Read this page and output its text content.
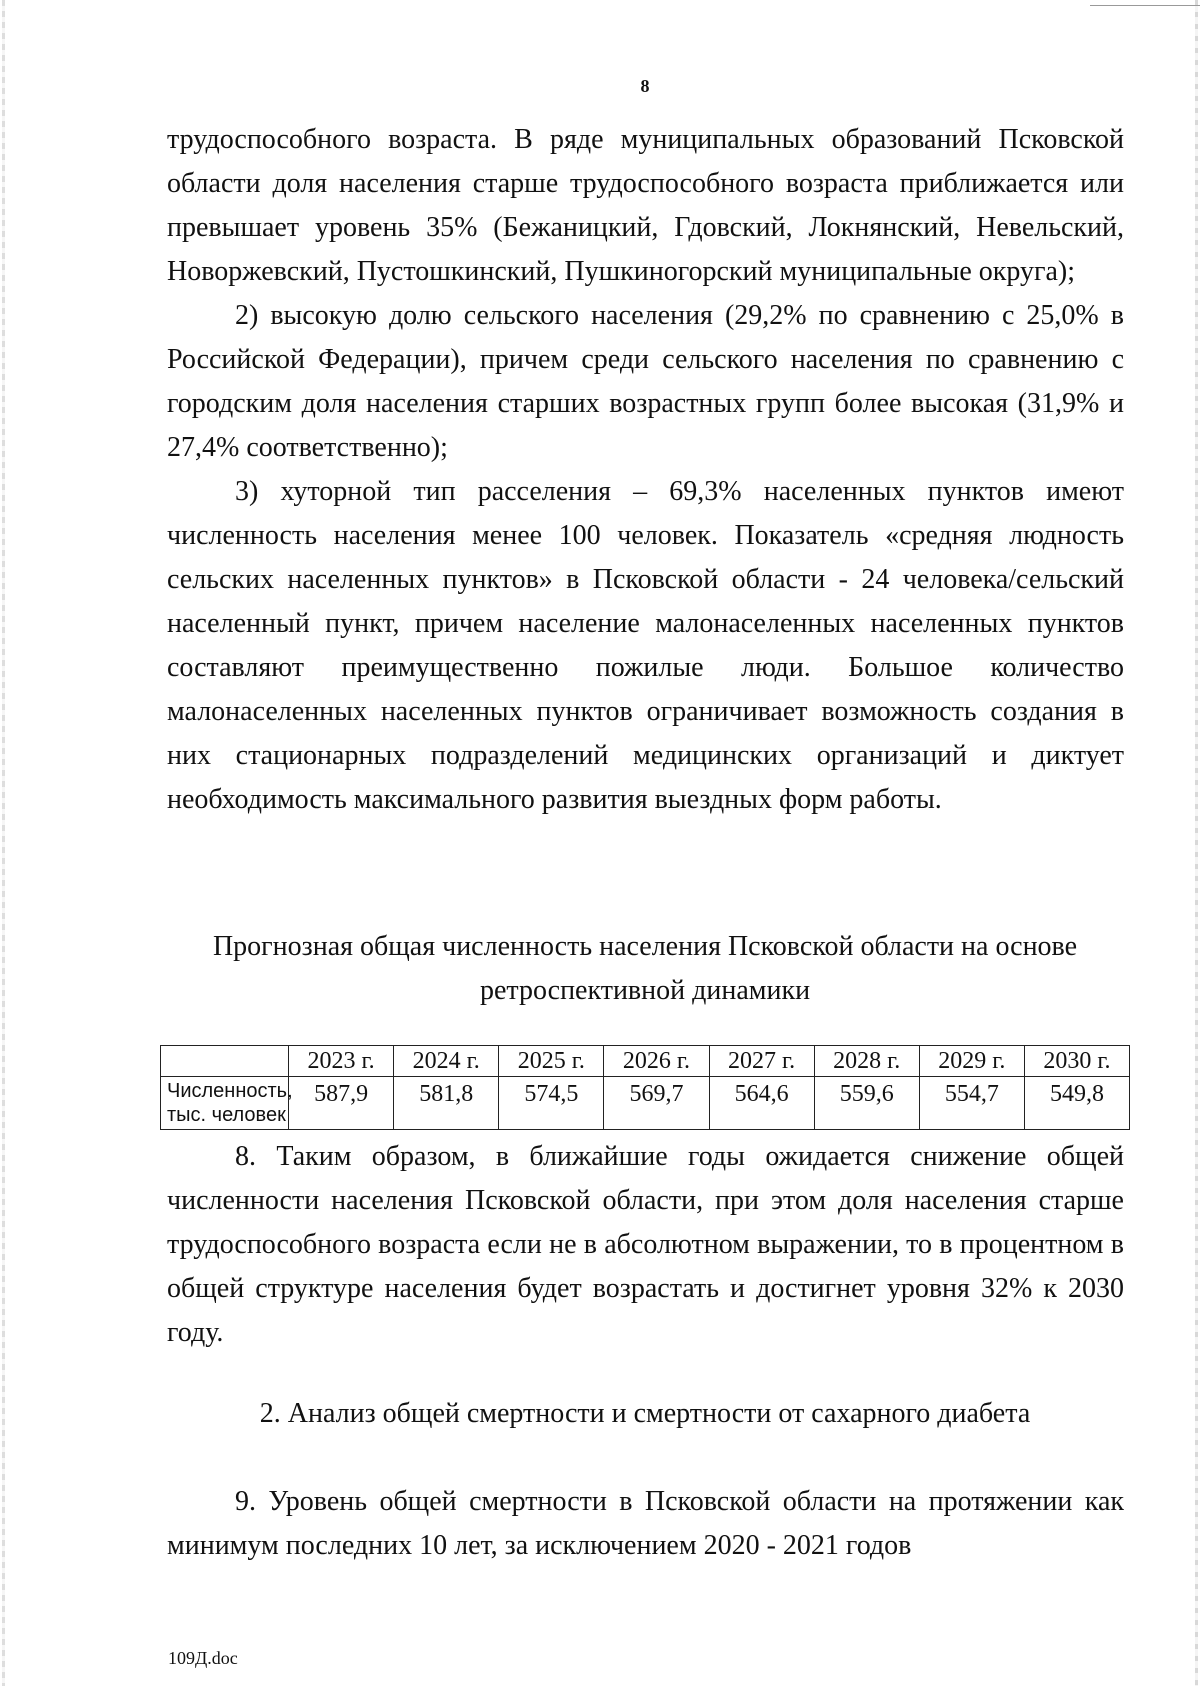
8

трудоспособного возраста. В ряде муниципальных образований Псковской области доля населения старше трудоспособного возраста приближается или превышает уровень 35% (Бежаницкий, Гдовский, Локнянский, Невельский, Новоржевский, Пустошкинский, Пушкиногорский муниципальные округа);

2) высокую долю сельского населения (29,2% по сравнению с 25,0% в Российской Федерации), причем среди сельского населения по сравнению с городским доля населения старших возрастных групп более высокая (31,9% и 27,4% соответственно);

3) хуторной тип расселения – 69,3% населенных пунктов имеют численность населения менее 100 человек. Показатель «средняя людность сельских населенных пунктов» в Псковской области - 24 человека/сельский населенный пункт, причем население малонаселенных населенных пунктов составляют преимущественно пожилые люди. Большое количество малонаселенных населенных пунктов ограничивает возможность создания в них стационарных подразделений медицинских организаций и диктует необходимость максимального развития выездных форм работы.

Прогнозная общая численность населения Псковской области на основе
ретроспективной динамики
	2023 г.	2024 г.	2025 г.	2026 г.	2027 г.	2028 г.	2029 г.	2030 г.

Численность,
тыс. человек	587,9	581,8	574,5	569,7	564,6	559,6	554,7	549,8

8. Таким образом, в ближайшие годы ожидается снижение общей численности населения Псковской области, при этом доля населения старше трудоспособного возраста если не в абсолютном выражении, то в процентном в общей структуре населения будет возрастать и достигнет уровня 32% к 2030 году.

2. Анализ общей смертности и смертности от сахарного диабета

9. Уровень общей смертности в Псковской области на протяжении как минимум последних 10 лет, за исключением 2020 - 2021 годов

109Д.doc
